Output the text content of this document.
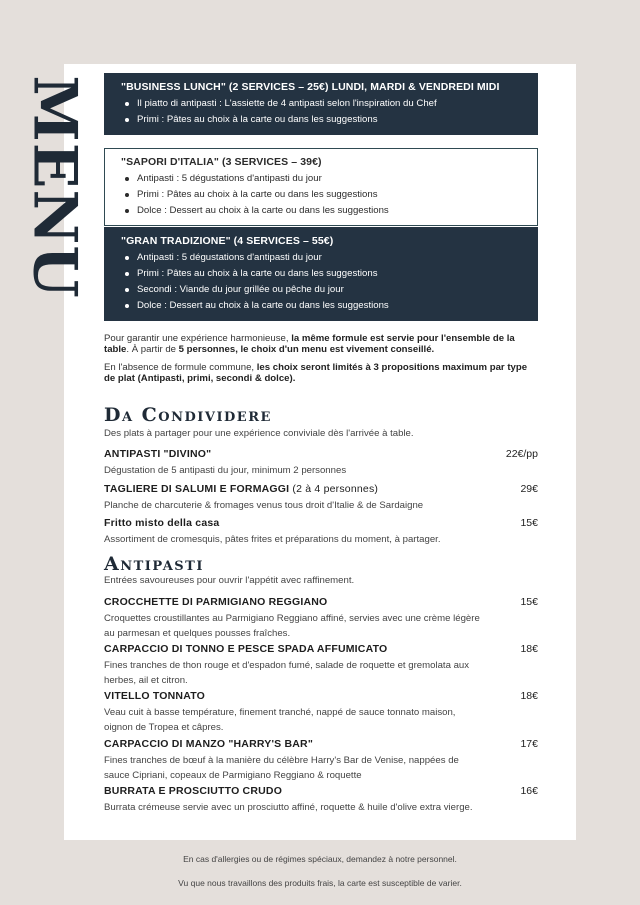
MENU	"BUSINESS LUNCH" (2 SERVICES – 25€) LUNDI, MARDI & VENDREDI MIDI
Il piatto di antipasti : L'assiette de 4 antipasti selon l'inspiration du Chef
Primi : Pâtes au choix à la carte ou dans les suggestions
"SAPORI D'ITALIA" (3 SERVICES – 39€)
Antipasti : 5 dégustations d'antipasti du jour
Primi : Pâtes au choix à la carte ou dans les suggestions
Dolce : Dessert au choix à la carte ou dans les suggestions
"GRAN TRADIZIONE" (4 SERVICES – 55€)
Antipasti : 5 dégustations d'antipasti du jour
Primi : Pâtes au choix à la carte ou dans les suggestions
Secondi : Viande du jour grillée ou pêche du jour
Dolce : Dessert au choix à la carte ou dans les suggestions

Pour garantir une expérience harmonieuse, la même formule est servie pour l'ensemble de la table. À partir de 5 personnes, le choix d'un menu est vivement conseillé.

En l'absence de formule commune, les choix seront limités à 3 propositions maximum par type de plat (Antipasti, primi, secondi & dolce).

Da Condividere
Des plats à partager pour une expérience conviviale dès l'arrivée à table.
ANTIPASTI "DIVINO"	22€/pp
Dégustation de 5 antipasti du jour, minimum 2 personnes
TAGLIERE DI SALUMI E FORMAGGI (2 à 4 personnes)	29€
Planche de charcuterie & fromages venus tous droit d'Italie & de Sardaigne
Fritto misto della casa	15€
Assortiment de cromesquis, pâtes frites et préparations du moment, à partager.
Antipasti
Entrées savoureuses pour ouvrir l'appétit avec raffinement.
CROCCHETTE DI PARMIGIANO REGGIANO	15€
Croquettes croustillantes au Parmigiano Reggiano affiné, servies avec une crème légère au parmesan et quelques pousses fraîches.
CARPACCIO DI TONNO E PESCE SPADA AFFUMICATO	18€
Fines tranches de thon rouge et d'espadon fumé, salade de roquette et gremolata aux herbes, ail et citron.
VITELLO TONNATO	18€
Veau cuit à basse température, finement tranché, nappé de sauce tonnato maison, oignon de Tropea et câpres.
CARPACCIO DI MANZO "HARRY'S BAR"	17€
Fines tranches de bœuf à la manière du célèbre Harry's Bar de Venise, nappées de sauce Cipriani, copeaux de Parmigiano Reggiano & roquette
BURRATA E PROSCIUTTO CRUDO	16€
Burrata crémeuse servie avec un prosciutto affiné, roquette & huile d'olive extra vierge.
En cas d'allergies ou de régimes spéciaux, demandez à notre personnel.
Vu que nous travaillons des produits frais, la carte est susceptible de varier.
